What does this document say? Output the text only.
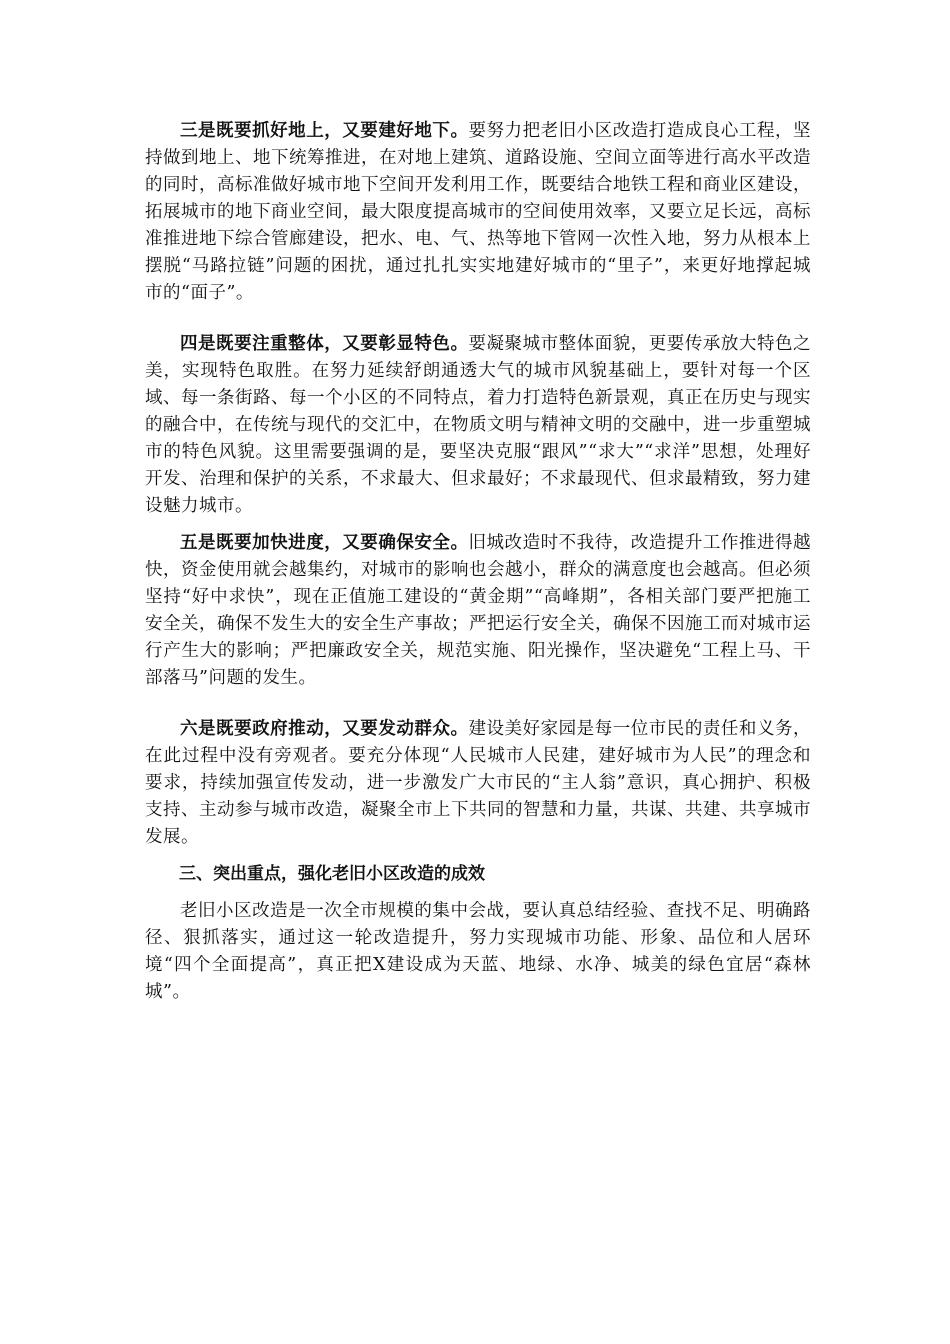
三是既要抓好地上，又要建好地下。要努力把老旧小区改造打造成良心工程，坚持做到地上、地下统筹推进，在对地上建筑、道路设施、空间立面等进行高水平改造的同时，高标准做好城市地下空间开发利用工作，既要结合地铁工程和商业区建设，拓展城市的地下商业空间，最大限度提高城市的空间使用效率，又要立足长远，高标准推进地下综合管廊建设，把水、电、气、热等地下管网一次性入地，努力从根本上摆脱“马路拉链”问题的困扰，通过扎扎实实地建好城市的“里子”，来更好地撑起城市的“面子”。

四是既要注重整体，又要彰显特色。要凝聚城市整体面貌，更要传承放大特色之美，实现特色取胜。在努力延续舒朗通透大气的城市风貌基础上，要针对每一个区域、每一条街路、每一个小区的不同特点，着力打造特色新景观，真正在历史与现实的融合中，在传统与现代的交汇中，在物质文明与精神文明的交融中，进一步重塑城市的特色风貌。这里需要强调的是，要坚决克服“跟风”“求大”“求洋”思想，处理好开发、治理和保护的关系，不求最大、但求最好；不求最现代、但求最精致，努力建设魅力城市。

五是既要加快进度，又要确保安全。旧城改造时不我待，改造提升工作推进得越快，资金使用就会越集约，对城市的影响也会越小，群众的满意度也会越高。但必须坚持“好中求快”，现在正值施工建设的“黄金期”“高峰期”，各相关部门要严把施工安全关，确保不发生大的安全生产事故；严把运行安全关，确保不因施工而对城市运行产生大的影响；严把廉政安全关，规范实施、阳光操作，坚决避免“工程上马、干部落马”问题的发生。

六是既要政府推动，又要发动群众。建设美好家园是每一位市民的责任和义务，在此过程中没有旁观者。要充分体现“人民城市人民建，建好城市为人民”的理念和要求，持续加强宣传发动，进一步激发广大市民的“主人翁”意识，真心拥护、积极支持、主动参与城市改造，凝聚全市上下共同的智慧和力量，共谋、共建、共享城市发展。

三、突出重点，强化老旧小区改造的成效

老旧小区改造是一次全市规模的集中会战，要认真总结经验、查找不足、明确路径、狠抓落实，通过这一轮改造提升，努力实现城市功能、形象、品位和人居环境“四个全面提高”，真正把X建设成为天蓝、地绿、水净、城美的绿色宜居“森林城”。
